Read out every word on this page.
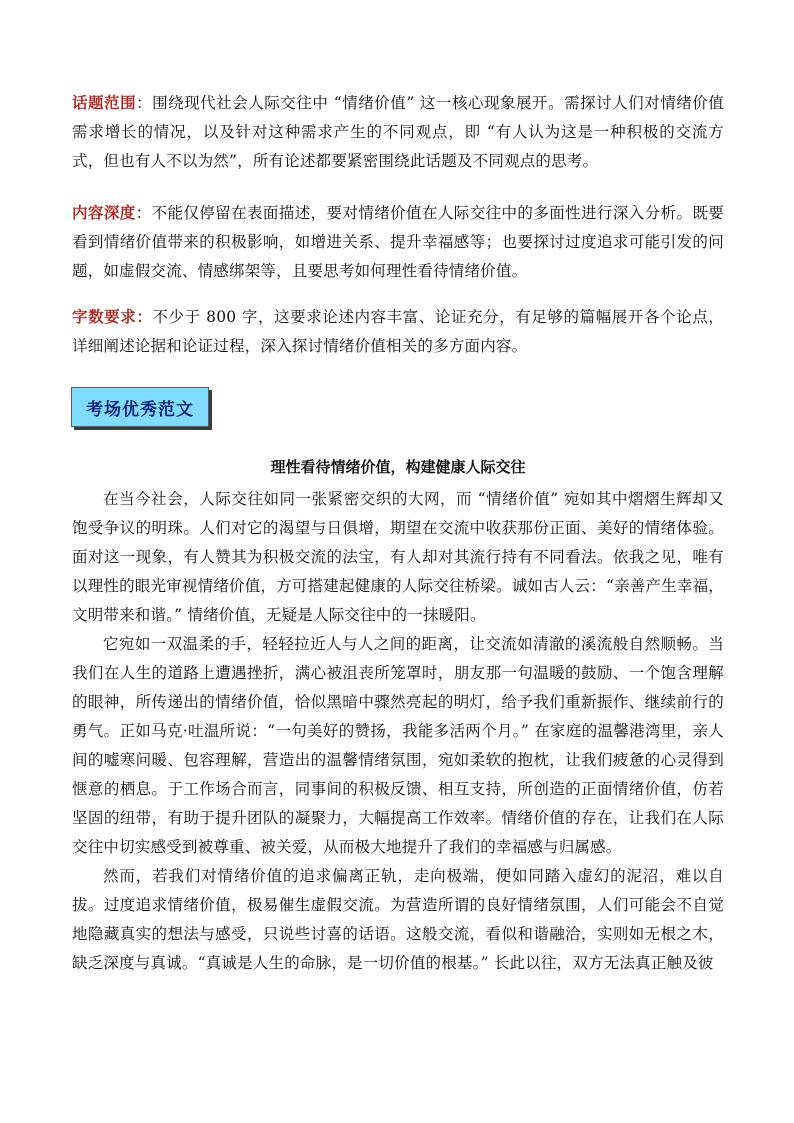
话题范围：围绕现代社会人际交往中 “情绪价值” 这一核心现象展开。需探讨人们对情绪价值需求增长的情况，以及针对这种需求产生的不同观点，即 “有人认为这是一种积极的交流方式，但也有人不以为然”，所有论述都要紧密围绕此话题及不同观点的思考。
内容深度：不能仅停留在表面描述，要对情绪价值在人际交往中的多面性进行深入分析。既要看到情绪价值带来的积极影响，如增进关系、提升幸福感等；也要探讨过度追求可能引发的问题，如虚假交流、情感绑架等，且要思考如何理性看待情绪价值。
字数要求：不少于 800 字，这要求论述内容丰富、论证充分，有足够的篇幅展开各个论点，详细阐述论据和论证过程，深入探讨情绪价值相关的多方面内容。
考场优秀范文
理性看待情绪价值，构建健康人际交往

在当今社会，人际交往如同一张紧密交织的大网，而 “情绪价值” 宛如其中熠熠生辉却又饱受争议的明珠。人们对它的渴望与日俱增，期望在交流中收获那份正面、美好的情绪体验。面对这一现象，有人赞其为积极交流的法宝，有人却对其流行持有不同看法。依我之见，唯有以理性的眼光审视情绪价值，方可搭建起健康的人际交往桥梁。诚如古人云：“亲善产生幸福，文明带来和谐。” 情绪价值，无疑是人际交往中的一抹暖阳。

它宛如一双温柔的手，轻轻拉近人与人之间的距离，让交流如清澈的溪流般自然顺畅。当我们在人生的道路上遭遇挫折，满心被沮丧所笼罩时，朋友那一句温暖的鼓励、一个饱含理解的眼神，所传递出的情绪价值，恰似黑暗中骤然亮起的明灯，给予我们重新振作、继续前行的勇气。正如马克·吐温所说：“一句美好的赞扬，我能多活两个月。” 在家庭的温馨港湾里，亲人间的嘘寒问暖、包容理解，营造出的温馨情绪氛围，宛如柔软的抱枕，让我们疲惫的心灵得到惬意的栖息。于工作场合而言，同事间的积极反馈、相互支持，所创造的正面情绪价值，仿若坚固的纽带，有助于提升团队的凝聚力，大幅提高工作效率。情绪价值的存在，让我们在人际交往中切实感受到被尊重、被关爱，从而极大地提升了我们的幸福感与归属感。

然而，若我们对情绪价值的追求偏离正轨，走向极端，便如同踏入虚幻的泥沼，难以自拔。过度追求情绪价值，极易催生虚假交流。为营造所谓的良好情绪氛围，人们可能会不自觉地隐藏真实的想法与感受，只说些讨喜的话语。这般交流，看似和谐融洽，实则如无根之木，缺乏深度与真诚。“真诚是人生的命脉，是一切价值的根基。” 长此以往，双方无法真正触及彼
